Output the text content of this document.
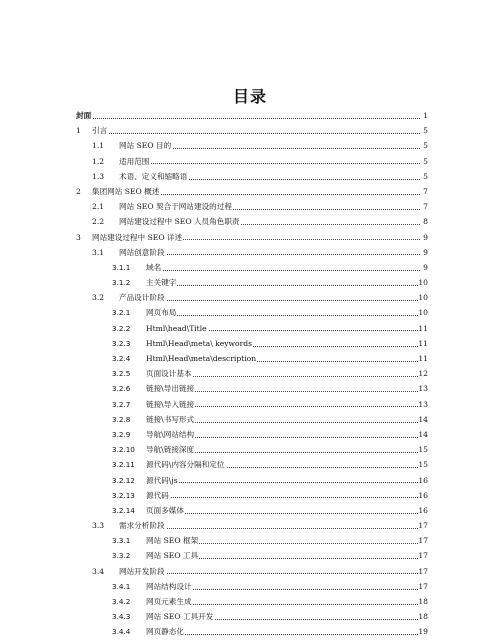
目录
封面	1
1 引言	5
1.1 网站 SEO 目的	5
1.2 适用范围	5
1.3 术语、定义和缩略语	5
2 集团网站 SEO 概述	7
2.1 网站 SEO 契合于网站建设的过程	7
2.2 网站建设过程中 SEO 人员角色职责	8
3 网站建设过程中 SEO 详述	9
3.1 网站创意阶段	9
3.1.1 域名	9
3.1.2 主关键字	10
3.2 产品设计阶段	10
3.2.1 网页布局	10
3.2.2 Html\head\Title	11
3.2.3 Html\Head\meta\ keywords	11
3.2.4 Html\Head\meta\description	11
3.2.5 页面设计基本	12
3.2.6 链接\导出链接	13
3.2.7 链接\导入链接	13
3.2.8 链接\书写形式	14
3.2.9 导航\网站结构	14
3.2.10 导航\链接深度	15
3.2.11 源代码\内容分隔和定位	15
3.2.12 源代码\js	16
3.2.13 源代码	16
3.2.14 页面多媒体	16
3.3 需求分析阶段	17
3.3.1 网站 SEO 框架	17
3.3.2 网站 SEO 工具	17
3.4 网站开发阶段	17
3.4.1 网站结构设计	17
3.4.2 网页元素生成	18
3.4.3 网站 SEO 工具开发	18
3.4.4 网页静态化	19
